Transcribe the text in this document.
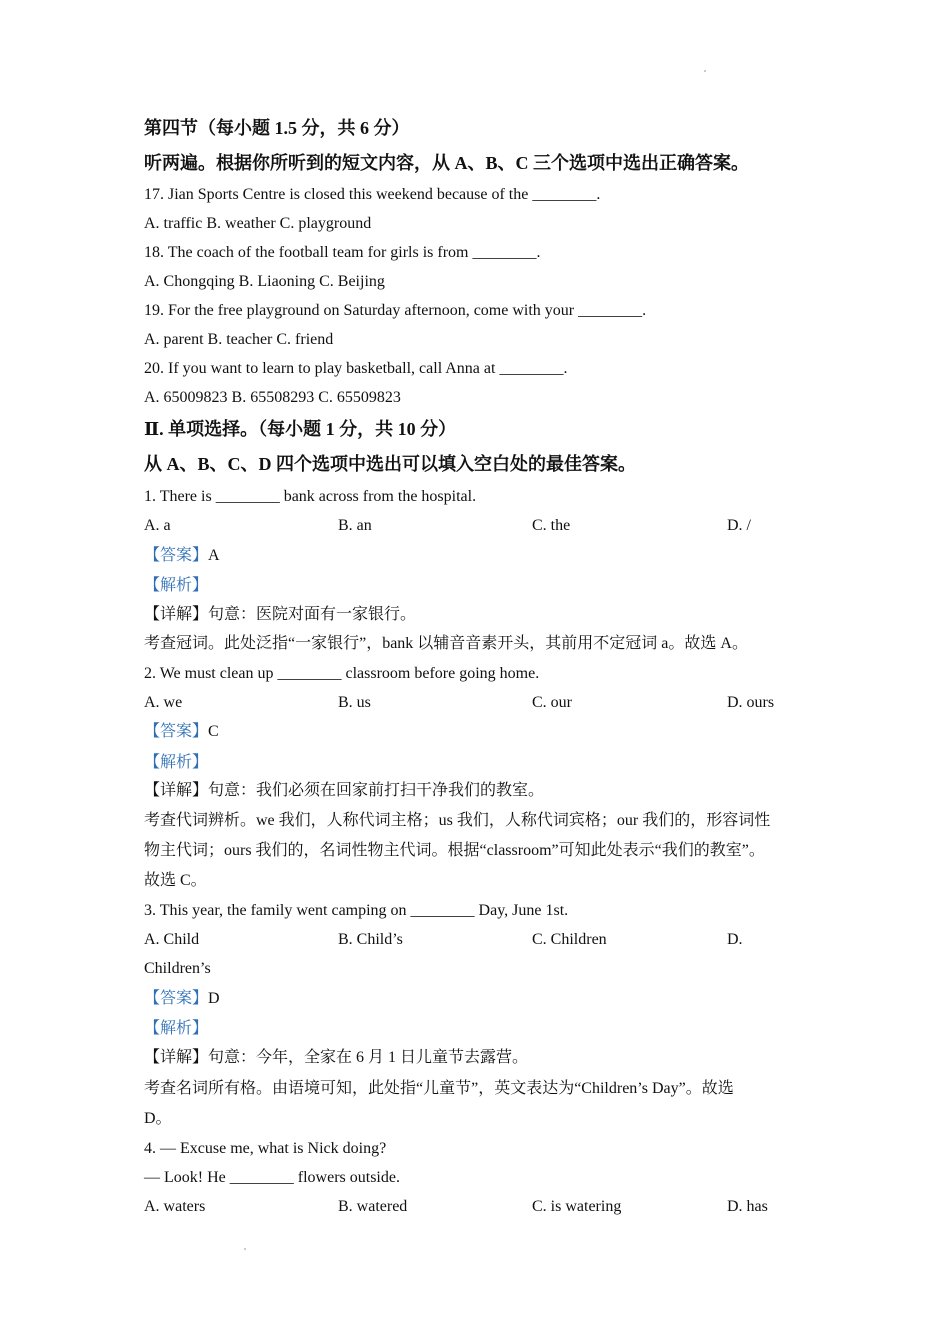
第四节（每小题 1.5 分，共 6 分）
听两遍。根据你所听到的短文内容，从 A、B、C 三个选项中选出正确答案。
17. Jian Sports Centre is closed this weekend because of the ________.
A. traffic B. weather C. playground
18. The coach of the football team for girls is from ________.
A. Chongqing B. Liaoning C. Beijing
19. For the free playground on Saturday afternoon, come with your ________.
A. parent B. teacher C. friend
20. If you want to learn to play basketball, call Anna at ________.
A. 65009823 B. 65508293 C. 65509823
Ⅱ. 单项选择。（每小题 1 分，共 10 分）
从 A、B、C、D 四个选项中选出可以填入空白处的最佳答案。
1. There is ________ bank across from the hospital.
A. a	B. an	C. the	D. /
【答案】A
【解析】
【详解】句意：医院对面有一家银行。
考查冠词。此处泛指“一家银行”，bank 以辅音音素开头，其前用不定冠词 a。故选 A。
2. We must clean up ________ classroom before going home.
A. we	B. us	C. our	D. ours
【答案】C
【解析】
【详解】句意：我们必须在回家前打扫干净我们的教室。
考查代词辨析。we 我们，人称代词主格；us 我们，人称代词宾格；our 我们的，形容词性
物主代词；ours 我们的，名词性物主代词。根据“classroom”可知此处表示“我们的教室”。
故选 C。
3. This year, the family went camping on ________ Day, June 1st.
A. Child	B. Child’s	C. Children	D.
Children’s
【答案】D
【解析】
【详解】句意：今年，全家在 6 月 1 日儿童节去露营。
考查名词所有格。由语境可知，此处指“儿童节”，英文表达为“Children’s Day”。故选
D。
4. — Excuse me, what is Nick doing?
— Look! He ________ flowers outside.
A. waters	B. watered	C. is watering	D. has
